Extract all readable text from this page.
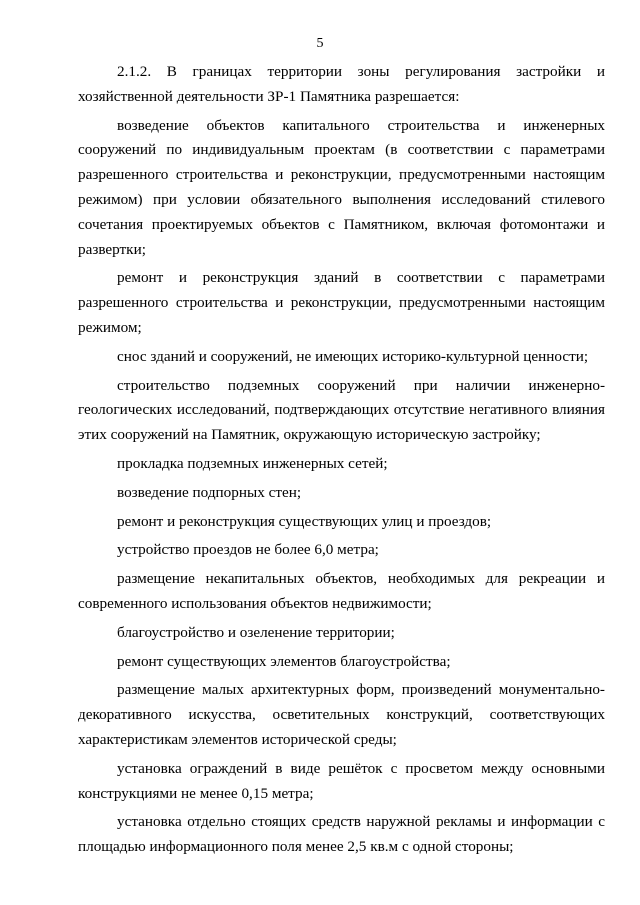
5

2.1.2. В границах территории зоны регулирования застройки и хозяйственной деятельности ЗР-1 Памятника разрешается:

возведение объектов капитального строительства и инженерных сооружений по индивидуальным проектам (в соответствии с параметрами разрешенного строительства и реконструкции, предусмотренными настоящим режимом) при условии обязательного выполнения исследований стилевого сочетания проектируемых объектов с Памятником, включая фотомонтажи и развертки;

ремонт и реконструкция зданий в соответствии с параметрами разрешенного строительства и реконструкции, предусмотренными настоящим режимом;

снос зданий и сооружений, не имеющих историко-культурной ценности;

строительство подземных сооружений при наличии инженерно-геологических исследований, подтверждающих отсутствие негативного влияния этих сооружений на Памятник, окружающую историческую застройку;

прокладка подземных инженерных сетей;

возведение подпорных стен;

ремонт и реконструкция существующих улиц и проездов;

устройство проездов не более 6,0 метра;

размещение некапитальных объектов, необходимых для рекреации и современного использования объектов недвижимости;

благоустройство и озеленение территории;

ремонт существующих элементов благоустройства;

размещение малых архитектурных форм, произведений монументально-декоративного искусства, осветительных конструкций, соответствующих характеристикам элементов исторической среды;

установка ограждений в виде решёток с просветом между основными конструкциями не менее 0,15 метра;

установка отдельно стоящих средств наружной рекламы и информации с площадью информационного поля менее 2,5 кв.м с одной стороны;
